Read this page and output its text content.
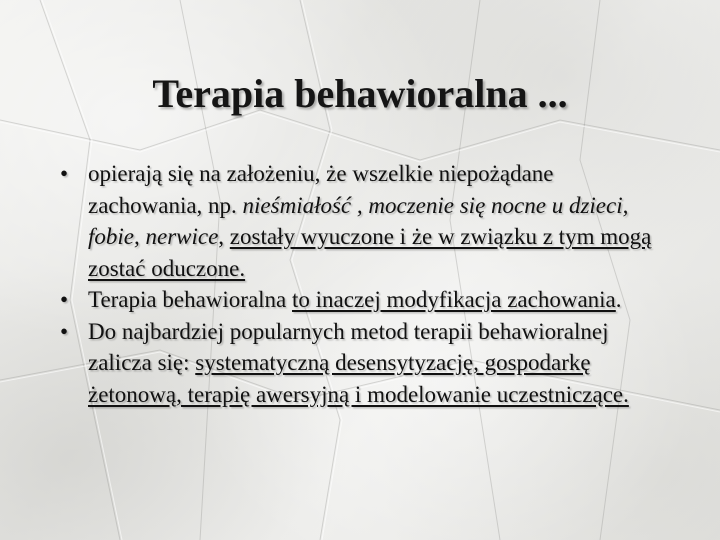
Terapia behawioralna ...

• opierają się na założeniu, że wszelkie niepożądane zachowania, np. nieśmiałość , moczenie się nocne u dzieci, fobie, nerwice, zostały wyuczone i że w związku z tym mogą zostać oduczone.

• Terapia behawioralna to inaczej modyfikacja zachowania.

• Do najbardziej popularnych metod terapii behawioralnej zalicza się: systematyczną desensytyzację, gospodarkę żetonową, terapię awersyjną i modelowanie uczestniczące.
